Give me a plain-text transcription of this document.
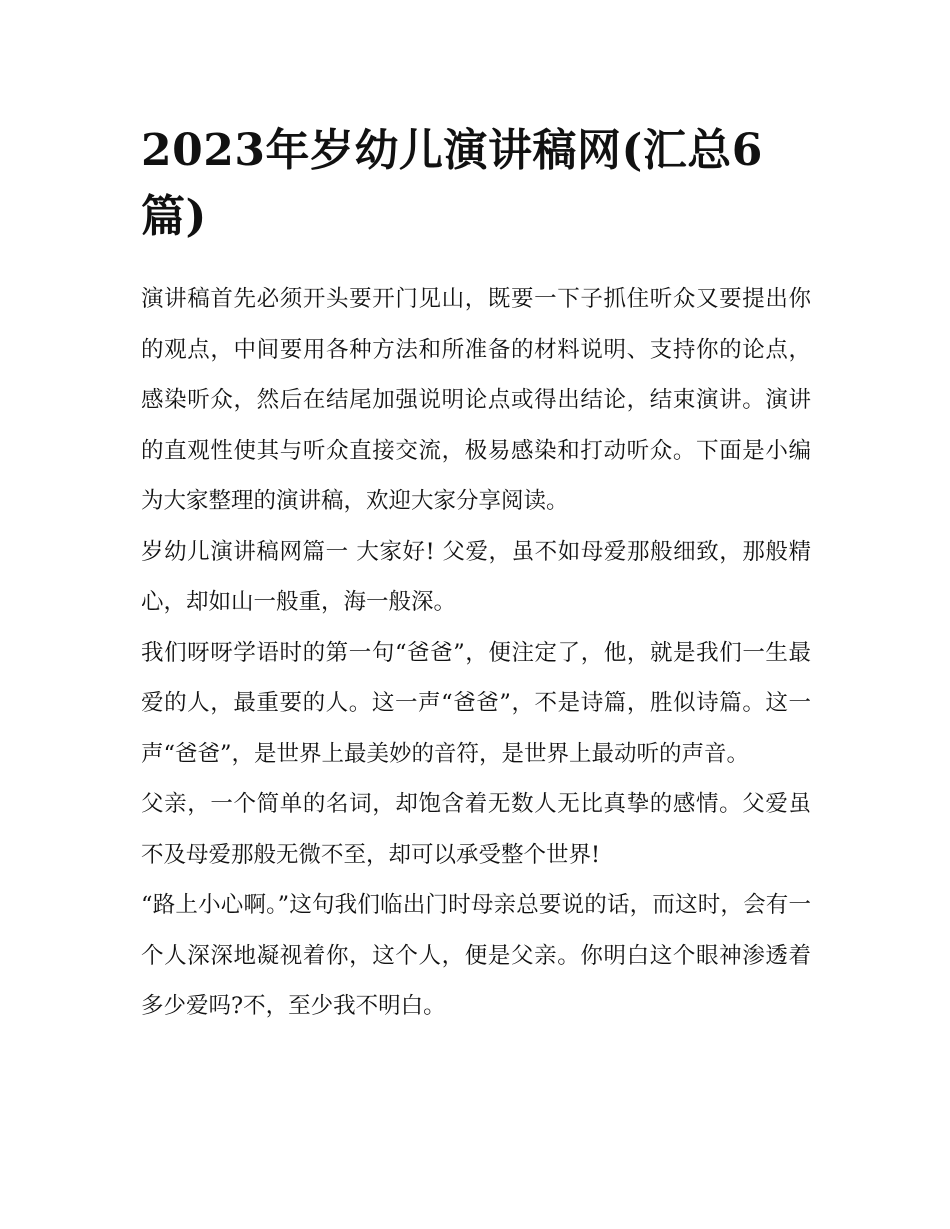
2023年岁幼儿演讲稿网(汇总6篇)

演讲稿首先必须开头要开门见山，既要一下子抓住听众又要提出你的观点，中间要用各种方法和所准备的材料说明、支持你的论点，感染听众，然后在结尾加强说明论点或得出结论，结束演讲。演讲的直观性使其与听众直接交流，极易感染和打动听众。下面是小编为大家整理的演讲稿，欢迎大家分享阅读。

岁幼儿演讲稿网篇一 大家好! 父爱，虽不如母爱那般细致，那般精心，却如山一般重，海一般深。

我们呀呀学语时的第一句“爸爸”，便注定了，他，就是我们一生最爱的人，最重要的人。这一声“爸爸”，不是诗篇，胜似诗篇。这一声“爸爸”，是世界上最美妙的音符，是世界上最动听的声音。

父亲，一个简单的名词，却饱含着无数人无比真挚的感情。父爱虽不及母爱那般无微不至，却可以承受整个世界!

“路上小心啊。”这句我们临出门时母亲总要说的话，而这时，会有一个人深深地凝视着你，这个人，便是父亲。你明白这个眼神渗透着多少爱吗?不，至少我不明白。
